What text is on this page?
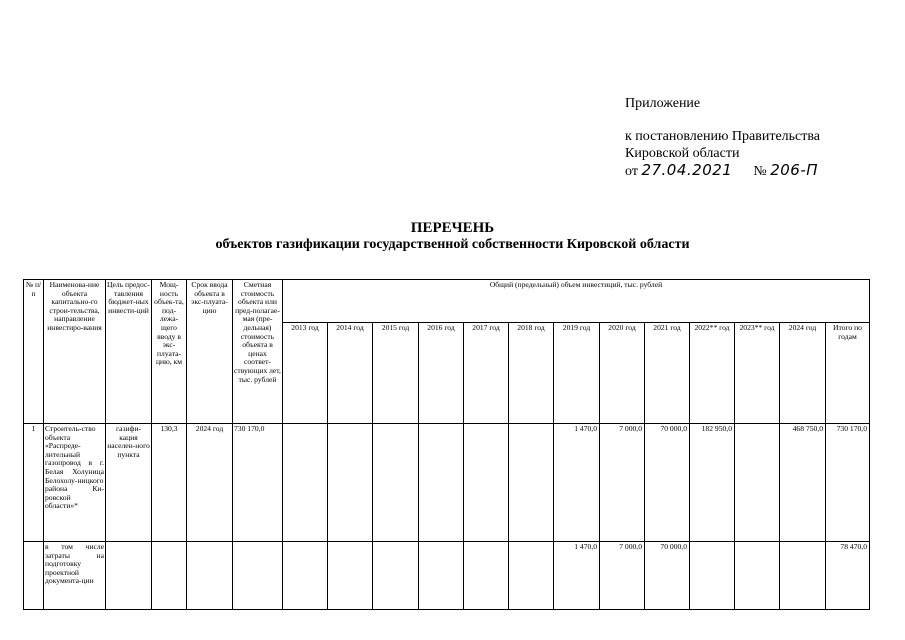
Приложение
к постановлению Правительства
Кировской области
от 27.04.2021 № 206-П
ПЕРЕЧЕНЬ
объектов газификации государственной собственности Кировской области
№ п/п	Наименова-ние объекта капитально-го строи-тельства, направление инвестиро-вания	Цель предос-тавления бюджет-ных инвести-ций	Мощ-ность объек-та, под-лежа-щего вводу в экс-плуата-цию, км	Срок ввода объекта в экс-плуата-цию	Сметная стоимость объекта или пред-полагае-мая (пре-дельная) стоимость объекта в ценах соответ-ствующих лет, тыс. рублей	Общий (предельный) объем инвестиций, тыс. рублей												
						2013 год	2014 год	2015 год	2016 год	2017 год	2018 год	2019 год	2020 год	2021 год	2022** год	2023** год	2024 год	Итого по годам
1	Строитель-ство объекта «Распреде-лительный газопровод в г. Белая Холуница Белохолу-ницкого района Ки-ровской области»*	газифи-кация населен-ного пункта	130,3	2024 год	730 170,0							1 470,0	7 000,0	70 000,0	182 950,0		468 750,0	730 170,0
	в том числе затраты на подготовку проектной документа-ции											1 470,0	7 000,0	70 000,0				78 470,0
